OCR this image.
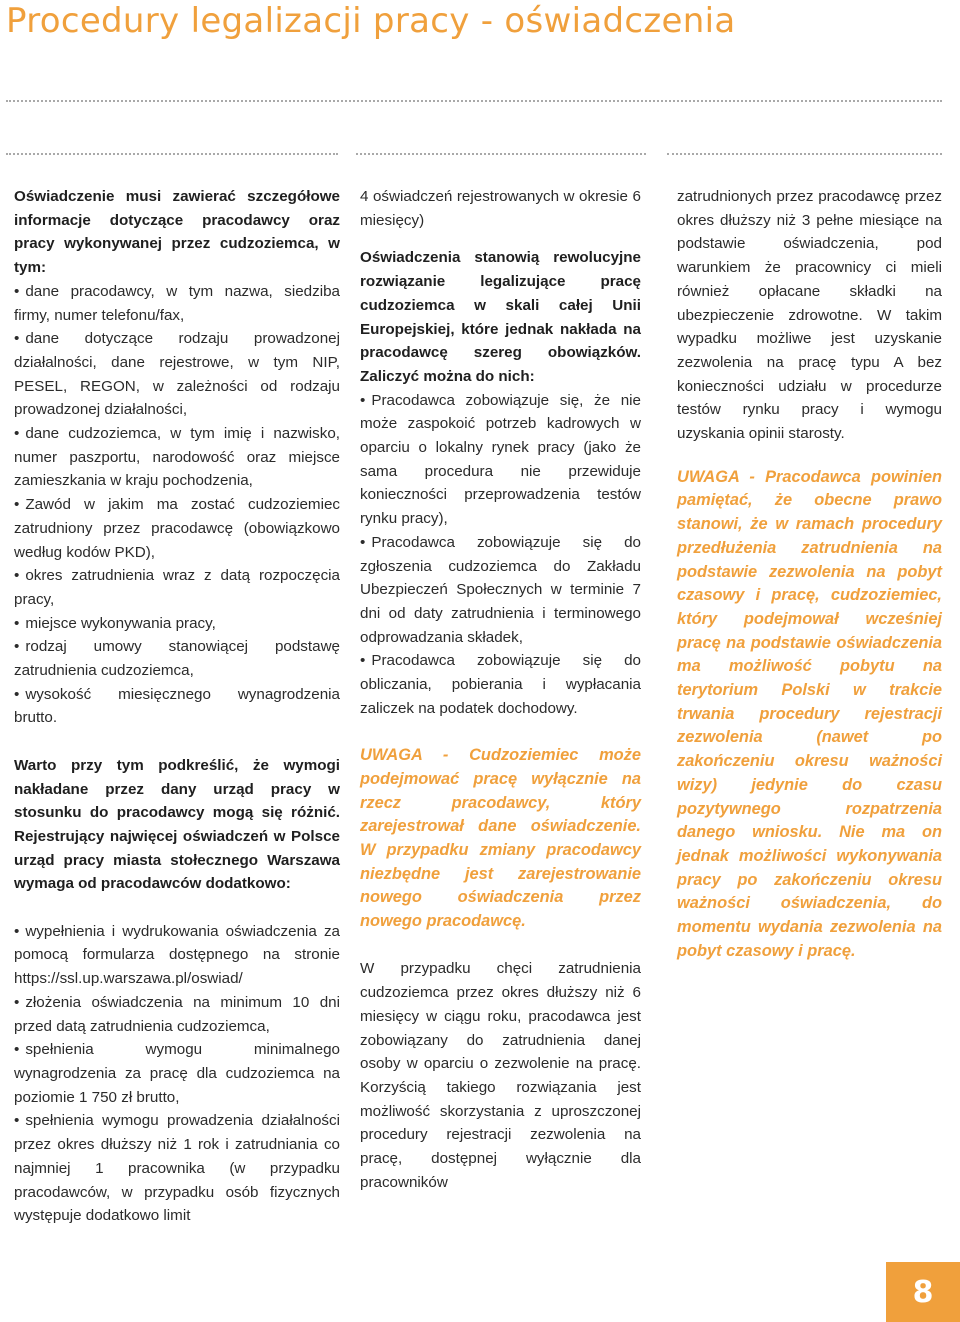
Procedury legalizacji pracy - oświadczenia

Oświadczenie musi zawierać szczegółowe informacje dotyczące pracodawcy oraz pracy wykonywanej przez cudzoziemca, w tym:

• dane pracodawcy, w tym nazwa, siedziba firmy, numer telefonu/fax,

• dane dotyczące rodzaju prowadzonej działalności, dane rejestrowe, w tym NIP, PESEL, REGON, w zależności od rodzaju prowadzonej działalności,

• dane cudzoziemca, w tym imię i nazwisko, numer paszportu, narodowość oraz miejsce zamieszkania w kraju pochodzenia,

• Zawód w jakim ma zostać cudzoziemiec zatrudniony przez pracodawcę (obowiązkowo według kodów PKD),

• okres zatrudnienia wraz z datą rozpoczęcia pracy,

• miejsce wykonywania pracy,

• rodzaj umowy stanowiącej podstawę zatrudnienia cudzoziemca,

• wysokość miesięcznego wynagrodzenia brutto.

Warto przy tym podkreślić, że wymogi nakładane przez dany urząd pracy w stosunku do pracodawcy mogą się różnić. Rejestrujący najwięcej oświadczeń w Polsce urząd pracy miasta stołecznego Warszawa wymaga od pracodawców dodatkowo:

• wypełnienia i wydrukowania oświadczenia za pomocą formularza dostępnego na stronie https://ssl.up.warszawa.pl/oswiad/

• złożenia oświadczenia na minimum 10 dni przed datą zatrudnienia cudzoziemca,

• spełnienia wymogu minimalnego wynagrodzenia za pracę dla cudzoziemca na poziomie 1 750 zł brutto,

• spełnienia wymogu prowadzenia działalności przez okres dłuższy niż 1 rok i zatrudniania co najmniej 1 pracownika (w przypadku pracodawców, w przypadku osób fizycznych występuje dodatkowo limit

4 oświadczeń rejestrowanych w okresie 6 miesięcy)

Oświadczenia stanowią rewolucyjne rozwiązanie legalizujące pracę cudzoziemca w skali całej Unii Europejskiej, które jednak nakłada na pracodawcę szereg obowiązków. Zaliczyć można do nich:

• Pracodawca zobowiązuje się, że nie może zaspokoić potrzeb kadrowych w oparciu o lokalny rynek pracy (jako że sama procedura nie przewiduje konieczności przeprowadzenia testów rynku pracy),

• Pracodawca zobowiązuje się do zgłoszenia cudzoziemca do Zakładu Ubezpieczeń Społecznych w terminie 7 dni od daty zatrudnienia i terminowego odprowadzania składek,

• Pracodawca zobowiązuje się do obliczania, pobierania i wypłacania zaliczek na podatek dochodowy.

UWAGA - Cudzoziemiec może podejmować pracę wyłącznie na rzecz pracodawcy, który zarejestrował dane oświadczenie. W przypadku zmiany pracodawcy niezbędne jest zarejestrowanie nowego oświadczenia przez nowego pracodawcę.

W przypadku chęci zatrudnienia cudzoziemca przez okres dłuższy niż 6 miesięcy w ciągu roku, pracodawca jest zobowiązany do zatrudnienia danej osoby w oparciu o zezwolenie na pracę. Korzyścią takiego rozwiązania jest możliwość skorzystania z uproszczonej procedury rejestracji zezwolenia na pracę, dostępnej wyłącznie dla pracowników

zatrudnionych przez pracodawcę przez okres dłuższy niż 3 pełne miesiące na podstawie oświadczenia, pod warunkiem że pracownicy ci mieli również opłacane składki na ubezpieczenie zdrowotne. W takim wypadku możliwe jest uzyskanie zezwolenia na pracę typu A bez konieczności udziału w procedurze testów rynku pracy i wymogu uzyskania opinii starosty.

UWAGA - Pracodawca powinien pamiętać, że obecne prawo stanowi, że w ramach procedury przedłużenia zatrudnienia na podstawie zezwolenia na pobyt czasowy i pracę, cudzoziemiec, który podejmował wcześniej pracę na podstawie oświadczenia ma możliwość pobytu na terytorium Polski w trakcie trwania procedury rejestracji zezwolenia (nawet po zakończeniu okresu ważności wizy) jedynie do czasu pozytywnego rozpatrzenia danego wniosku. Nie ma on jednak możliwości wykonywania pracy po zakończeniu okresu ważności oświadczenia, do momentu wydania zezwolenia na pobyt czasowy i pracę.

8
